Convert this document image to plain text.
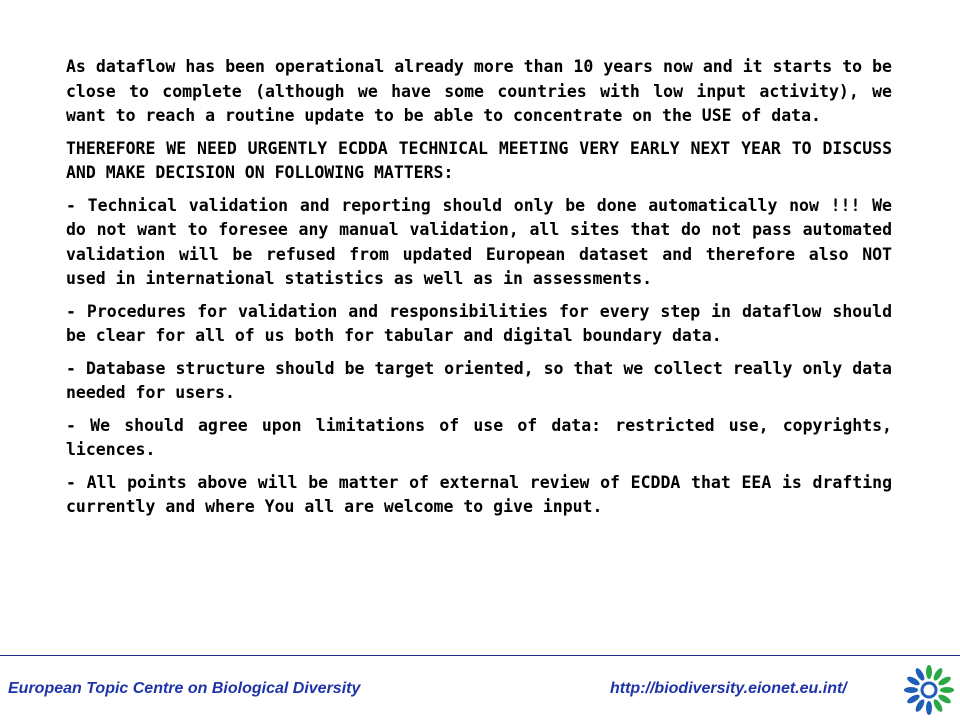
As dataflow has been operational already more than 10 years now and it starts to be close to complete (although we have some countries with low input activity), we want to reach a routine update to be able to concentrate on the USE of data.

THEREFORE WE NEED URGENTLY ECDDA TECHNICAL MEETING VERY EARLY NEXT YEAR TO DISCUSS AND MAKE DECISION ON FOLLOWING MATTERS:

- Technical validation and reporting should only be done automatically now !!! We do not want to foresee any manual validation, all sites that do not pass automated validation will be refused from updated European dataset and therefore also NOT used in international statistics as well as in assessments.

- Procedures for validation and responsibilities for every step in dataflow should be clear for all of us both for tabular and digital boundary data.

- Database structure should be target oriented, so that we collect really only data needed for users.

- We should agree upon limitations of use of data: restricted use, copyrights, licences.

- All points above will be matter of external review of ECDDA that EEA is drafting currently and where You all are welcome to give input.

European Topic Centre on Biological Diversity	http://biodiversity.eionet.eu.int/
